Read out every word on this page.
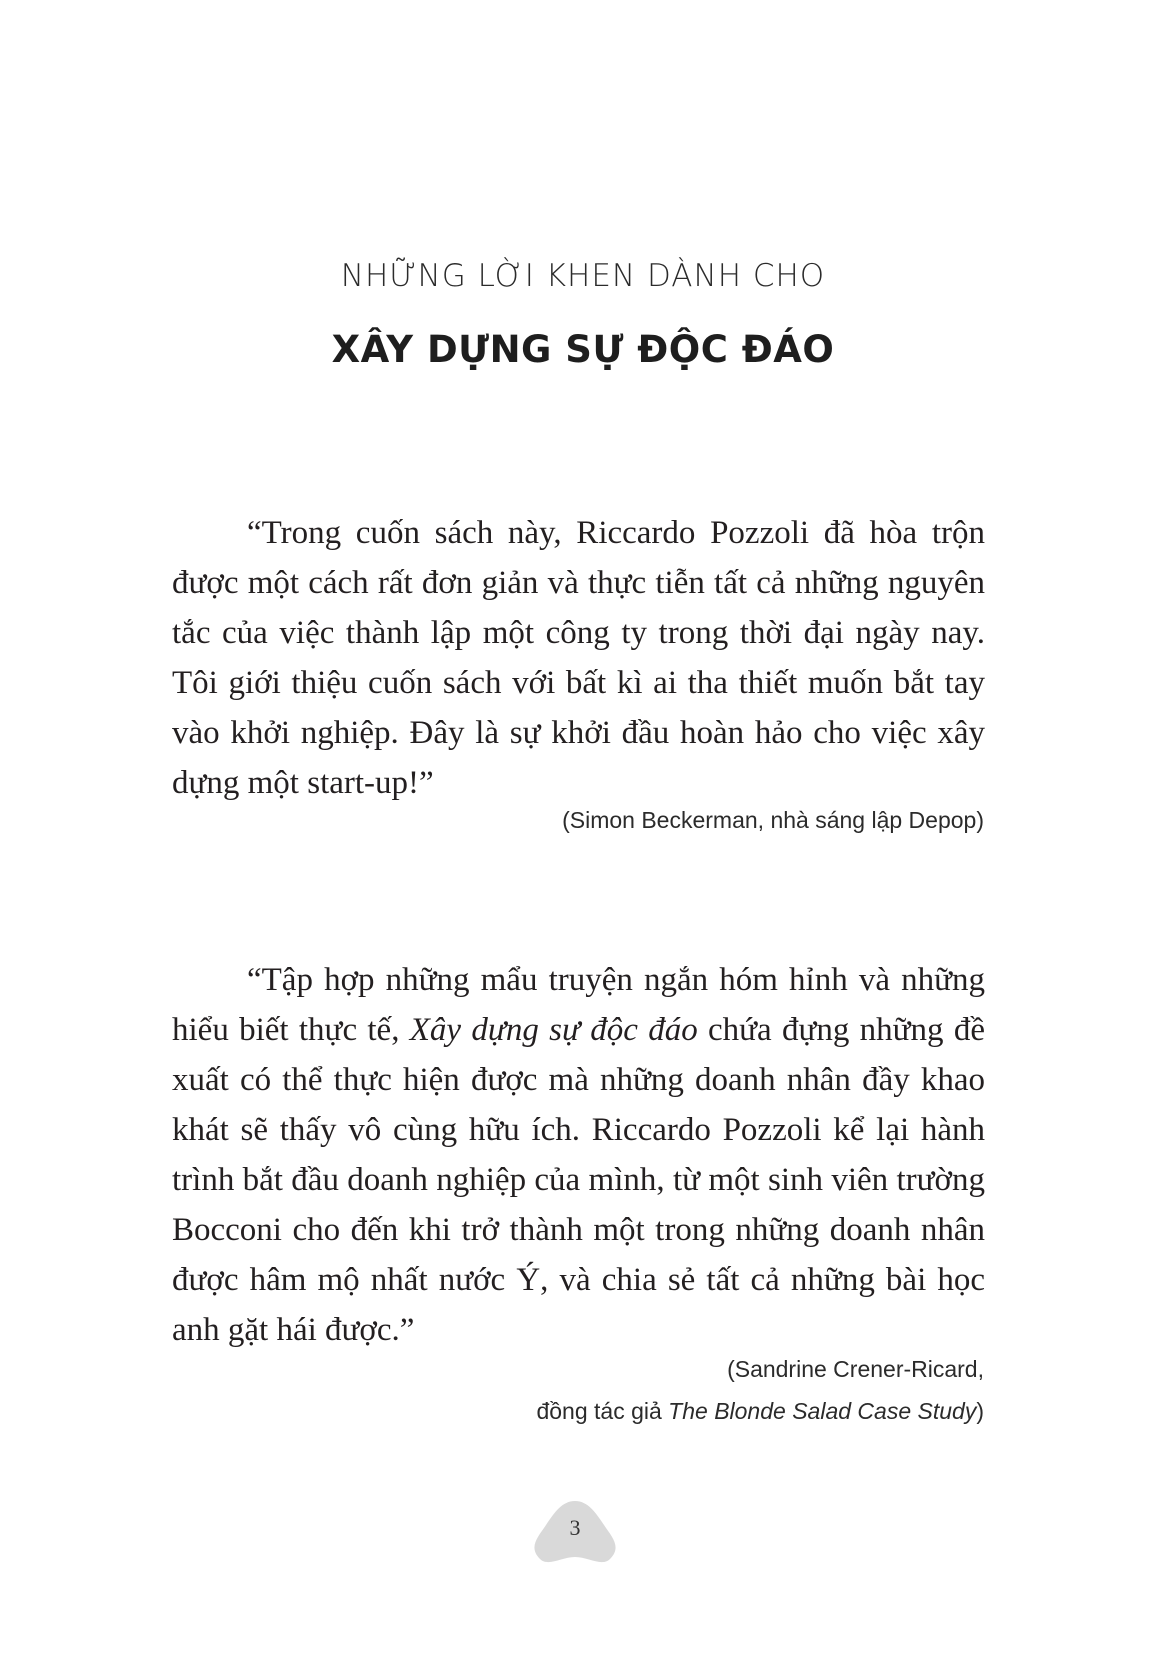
NHỮNG LỜI KHEN DÀNH CHO
XÂY DỰNG SỰ ĐỘC ĐÁO

“Trong cuốn sách này, Riccardo Pozzoli đã hòa trộn được một cách rất đơn giản và thực tiễn tất cả những nguyên tắc của việc thành lập một công ty trong thời đại ngày nay. Tôi giới thiệu cuốn sách với bất kì ai tha thiết muốn bắt tay vào khởi nghiệp. Đây là sự khởi đầu hoàn hảo cho việc xây dựng một start-up!”

(Simon Beckerman, nhà sáng lập Depop)

“Tập hợp những mẩu truyện ngắn hóm hỉnh và những hiểu biết thực tế, Xây dựng sự độc đáo chứa đựng những đề xuất có thể thực hiện được mà những doanh nhân đầy khao khát sẽ thấy vô cùng hữu ích. Riccardo Pozzoli kể lại hành trình bắt đầu doanh nghiệp của mình, từ một sinh viên trường Bocconi cho đến khi trở thành một trong những doanh nhân được hâm mộ nhất nước Ý, và chia sẻ tất cả những bài học anh gặt hái được.”

(Sandrine Crener-Ricard,
đồng tác giả The Blonde Salad Case Study)
3
